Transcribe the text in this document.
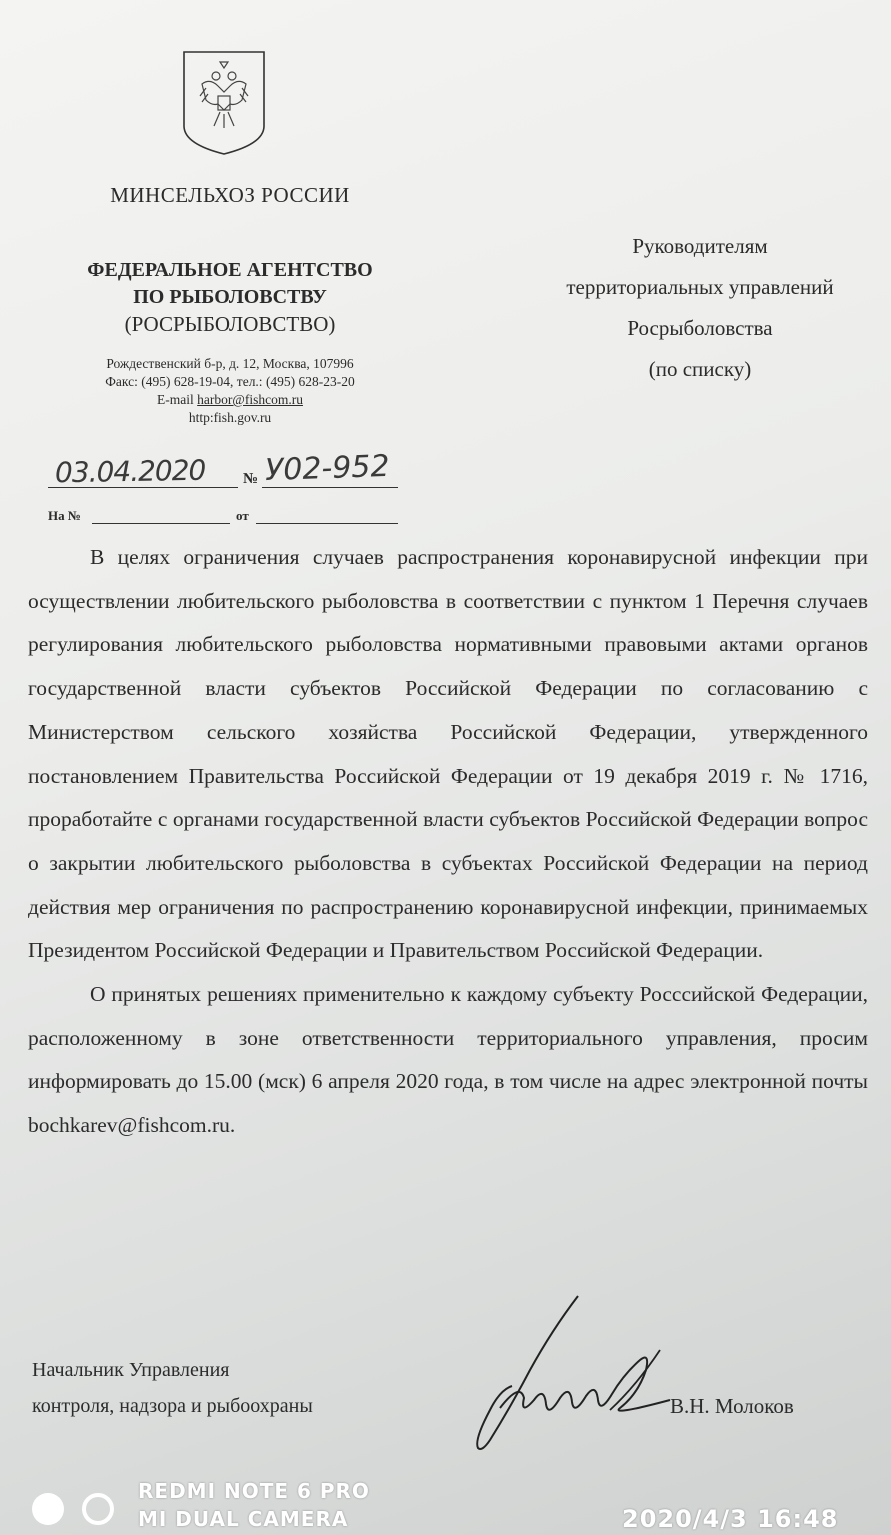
МИНСЕЛЬХОЗ РОССИИ
ФЕДЕРАЛЬНОЕ АГЕНТСТВО
ПО РЫБОЛОВСТВУ
(РОСРЫБОЛОВСТВО)
Рождественский б-р, д. 12, Москва, 107996
Факс: (495) 628-19-04, тел.: (495) 628-23-20
E-mail harbor@fishcom.ru
http:fish.gov.ru
Руководителям
территориальных управлений
Росрыболовства
(по списку)
03.04.2020 № У02-952
На №	от

В целях ограничения случаев распространения коронавирусной инфекции при осуществлении любительского рыболовства в соответствии с пунктом 1 Перечня случаев регулирования любительского рыболовства нормативными правовыми актами органов государственной власти субъектов Российской Федерации по согласованию с Министерством сельского хозяйства Российской Федерации, утвержденного постановлением Правительства Российской Федерации от 19 декабря 2019 г. № 1716, проработайте с органами государственной власти субъектов Российской Федерации вопрос о закрытии любительского рыболовства в субъектах Российской Федерации на период действия мер ограничения по распространению коронавирусной инфекции, принимаемых Президентом Российской Федерации и Правительством Российской Федерации.

О принятых решениях применительно к каждому субъекту Росссийской Федерации, расположенному в зоне ответственности территориального управления, просим информировать до 15.00 (мск) 6 апреля 2020 года, в том числе на адрес электронной почты bochkarev@fishcom.ru.

Начальник Управления
контроля, надзора и рыбоохраны	В.Н. Молоков
REDMI NOTE 6 PRO
MI DUAL CAMERA	2020/4/3 16:48
